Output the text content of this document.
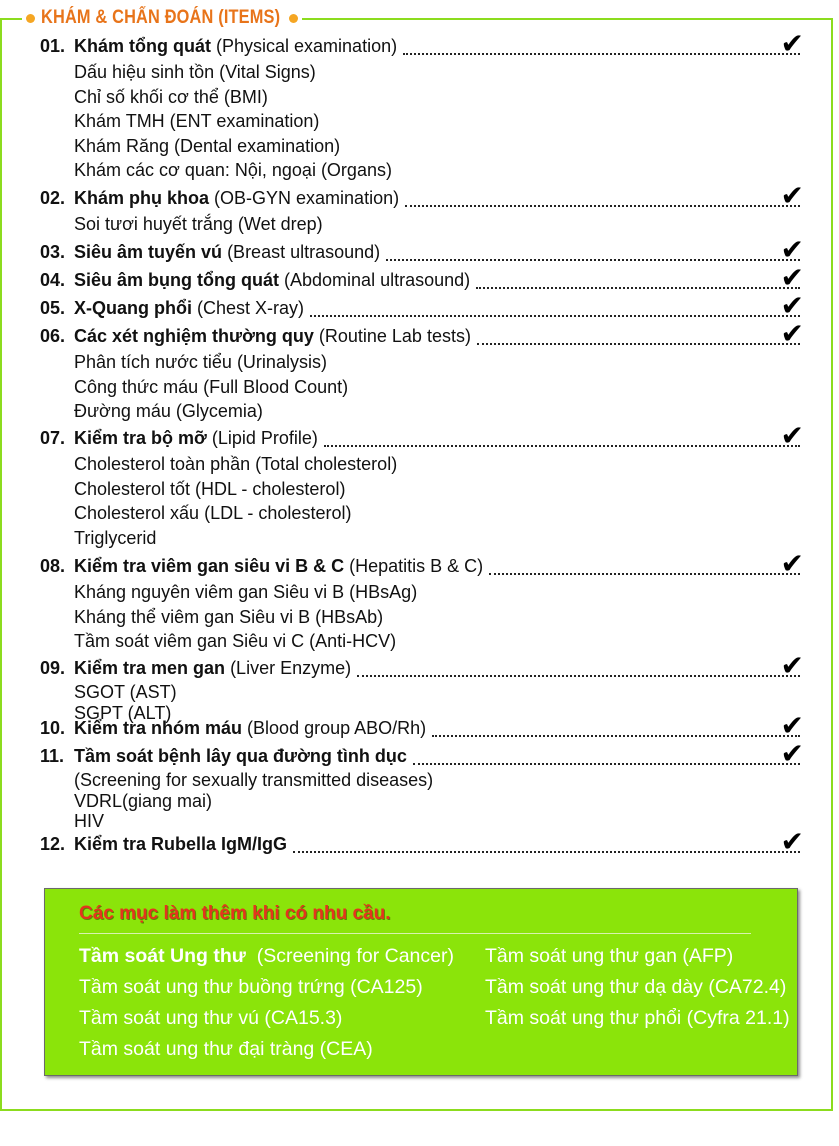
KHÁM & CHẨN ĐOÁN (ITEMS)
01. Khám tổng quát (Physical examination)	✔
Dấu hiệu sinh tồn (Vital Signs)
Chỉ số khối cơ thể (BMI)
Khám TMH (ENT examination)
Khám Răng (Dental examination)
Khám các cơ quan: Nội, ngoại (Organs)
02. Khám phụ khoa (OB-GYN examination)	✔
Soi tươi huyết trắng (Wet drep)
03. Siêu âm tuyến vú (Breast ultrasound)	✔
04. Siêu âm bụng tổng quát (Abdominal ultrasound)	✔
05. X-Quang phổi (Chest X-ray)	✔
06. Các xét nghiệm thường quy (Routine Lab tests)	✔
Phân tích nước tiểu (Urinalysis)
Công thức máu (Full Blood Count)
Đường máu (Glycemia)
07. Kiểm tra bộ mỡ (Lipid Profile)	✔
Cholesterol toàn phần (Total cholesterol)
Cholesterol tốt (HDL - cholesterol)
Cholesterol xấu (LDL - cholesterol)
Triglycerid
08. Kiểm tra viêm gan siêu vi B & C (Hepatitis B & C)	✔
Kháng nguyên viêm gan Siêu vi B (HBsAg)
Kháng thể viêm gan Siêu vi B (HBsAb)
Tầm soát viêm gan Siêu vi C (Anti-HCV)
09. Kiểm tra men gan (Liver Enzyme)	✔
SGOT (AST)
SGPT (ALT)
10. Kiểm tra nhóm máu (Blood group ABO/Rh)	✔
11. Tầm soát bệnh lây qua đường tình dục	✔
(Screening for sexually transmitted diseases)
VDRL(giang mai)
HIV
12. Kiểm tra Rubella IgM/IgG	✔
Các mục làm thêm khi có nhu cầu.
Tầm soát Ung thư (Screening for Cancer)
Tầm soát ung thư buồng trứng (CA125)
Tầm soát ung thư vú (CA15.3)
Tầm soát ung thư đại tràng (CEA)
Tầm soát ung thư gan (AFP)
Tầm soát ung thư dạ dày (CA72.4)
Tầm soát ung thư phổi (Cyfra 21.1)
